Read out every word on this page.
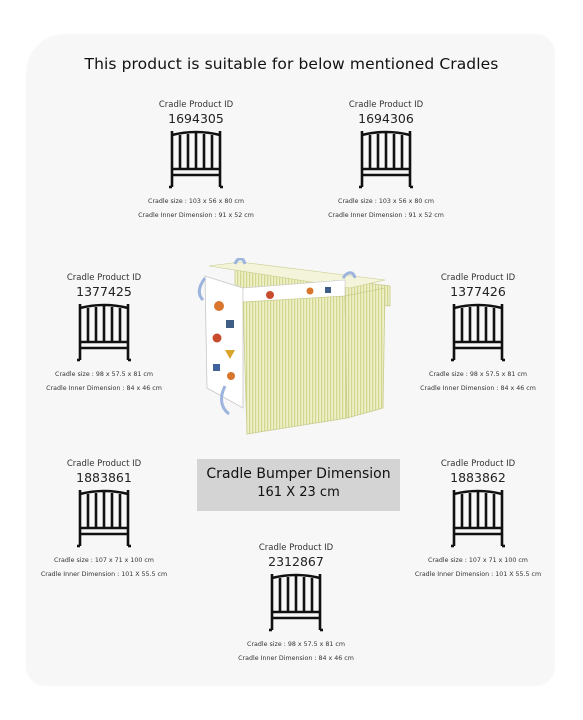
This product is suitable for below mentioned Cradles
Cradle Product ID
1694305
Cradle size : 103 x 56 x 80 cm
Cradle Inner Dimension : 91 x 52 cm
Cradle Product ID
1694306
Cradle size : 103 x 56 x 80 cm
Cradle Inner Dimension : 91 x 52 cm
Cradle Product ID
1377425
Cradle size : 98 x 57.5 x 81 cm
Cradle Inner Dimension : 84 x 46 cm
Cradle Product ID
1377426
Cradle size : 98 x 57.5 x 81 cm
Cradle Inner Dimension : 84 x 46 cm
Cradle Product ID
1883861
Cradle size : 107 x 71 x 100 cm
Cradle Inner Dimension : 101 X 55.5 cm
Cradle Product ID
1883862
Cradle size : 107 x 71 x 100 cm
Cradle Inner Dimension : 101 X 55.5 cm
Cradle Product ID
2312867
Cradle size : 98 x 57.5 x 81 cm
Cradle Inner Dimension : 84 x 46 cm
Cradle Bumper Dimension
161 X 23 cm
